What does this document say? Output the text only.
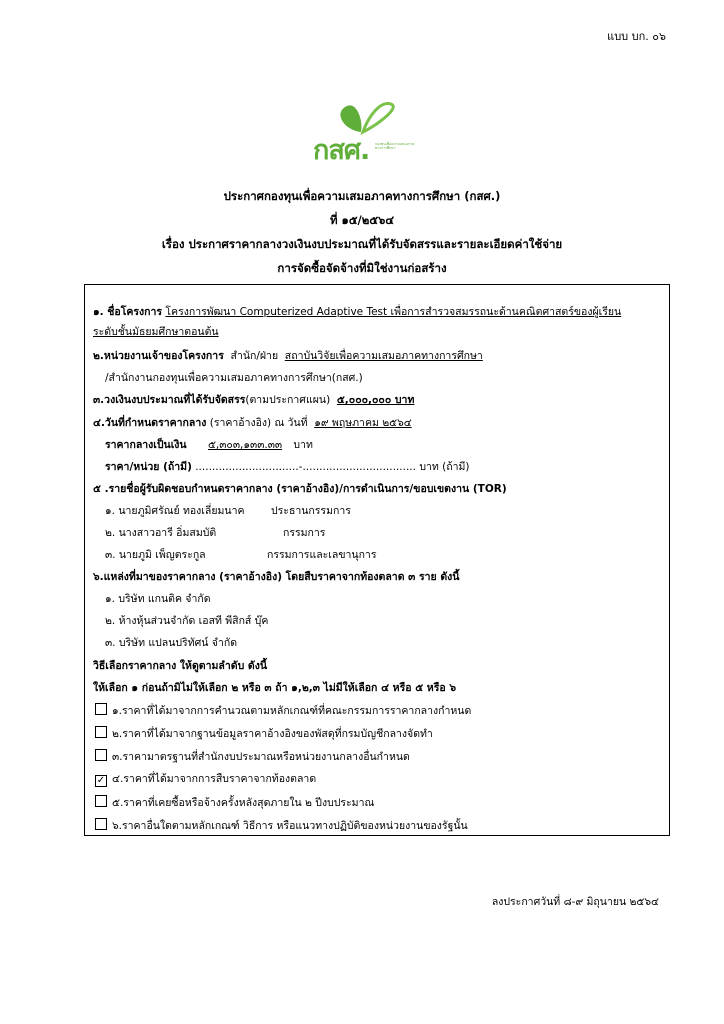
แบบ บก. ๐๖
กสศ. กองทุนเพื่อความเสมอภาคทางการศึกษา
ประกาศกองทุนเพื่อความเสมอภาคทางการศึกษา (กสศ.)
ที่ ๑๕/๒๕๖๔
เรื่อง ประกาศราคากลางวงเงินงบประมาณที่ได้รับจัดสรรและรายละเอียดค่าใช้จ่าย
การจัดซื้อจัดจ้างที่มิใช่งานก่อสร้าง
๑. ชื่อโครงการ โครงการพัฒนา Computerized Adaptive Test เพื่อการสำรวจสมรรถนะด้านคณิตศาสตร์ของผู้เรียน
ระดับชั้นมัธยมศึกษาตอนต้น
๒.หน่วยงานเจ้าของโครงการ สำนัก/ฝ่าย สถาบันวิจัยเพื่อความเสมอภาคทางการศึกษา
/สำนักงานกองทุนเพื่อความเสมอภาคทางการศึกษา(กสศ.)
๓.วงเงินงบประมาณที่ได้รับจัดสรร(ตามประกาศแผน) ๕,๐๐๐,๐๐๐ บาท
๔.วันที่กำหนดราคากลาง (ราคาอ้างอิง) ณ วันที่ ๑๙ พฤษภาคม ๒๕๖๔
ราคากลางเป็นเงิน ๕,๓๐๓,๑๓๓.๓๓ บาท
ราคา/หน่วย (ถ้ามี) ...............................-.................................. บาท (ถ้ามี)
๕ .รายชื่อผู้รับผิดชอบกำหนดราคากลาง (ราคาอ้างอิง)/การดำเนินการ/ขอบเขตงาน (TOR)
๑. นายภูมิศรัณย์ ทองเลี่ยมนาค	ประธานกรรมการ
๒. นางสาวอารี อิ่มสมบัติ	กรรมการ
๓. นายภูมิ เพ็ญตระกูล	กรรมการและเลขานุการ
๖.แหล่งที่มาของราคากลาง (ราคาอ้างอิง) โดยสืบราคาจากท้องตลาด ๓ ราย ดังนี้
๑. บริษัท แกนติค จำกัด
๒. ห้างหุ้นส่วนจำกัด เอสที พีสิกส์ บุ๊ค
๓. บริษัท แปลนปริทัศน์ จำกัด
วิธีเลือกราคากลาง ให้ดูตามลำดับ ดังนี้
ให้เลือก ๑ ก่อนถ้ามิไม่ให้เลือก ๒ หรือ ๓ ถ้า ๑,๒,๓ ไม่มีให้เลือก ๔ หรือ ๕ หรือ ๖
๑.ราคาที่ได้มาจากการคำนวณตามหลักเกณฑ์ที่คณะกรรมการราคากลางกำหนด
๒.ราคาที่ได้มาจากฐานข้อมูลราคาอ้างอิงของพัสดุที่กรมบัญชีกลางจัดทำ
๓.ราคามาตรฐานที่สำนักงบประมาณหรือหน่วยงานกลางอื่นกำหนด
✓ ๔.ราคาที่ได้มาจากการสืบราคาจากท้องตลาด
๕.ราคาที่เคยซื้อหรือจ้างครั้งหลังสุดภายใน ๒ ปีงบประมาณ
๖.ราคาอื่นใดตามหลักเกณฑ์ วิธีการ หรือแนวทางปฏิบัติของหน่วยงานของรัฐนั้น
ลงประกาศวันที่ ๘-๙ มิถุนายน ๒๕๖๔
